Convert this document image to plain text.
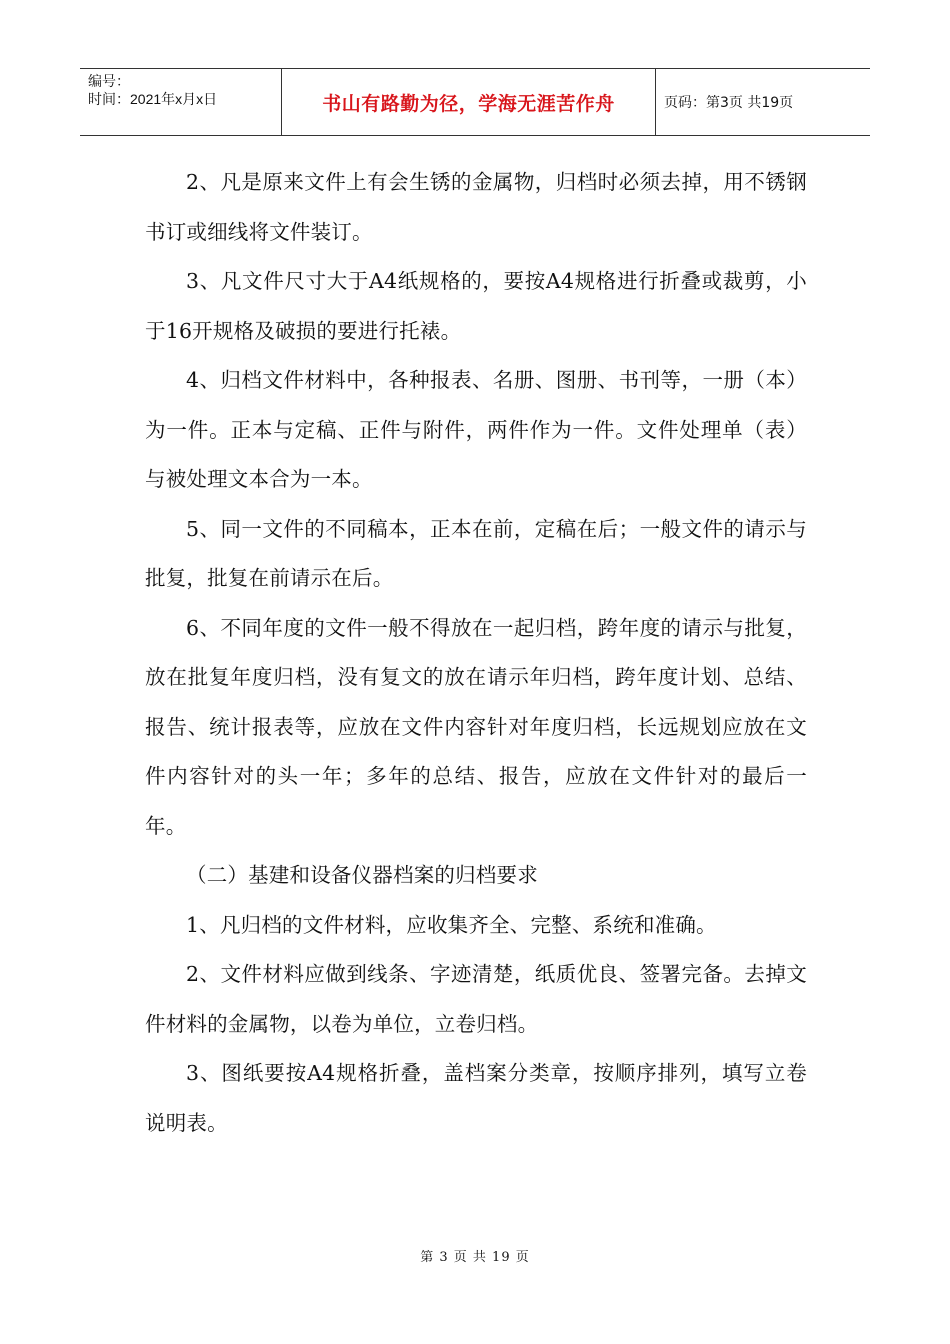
编号：
时间：2021年x月x日	书山有路勤为径，学海无涯苦作舟	页码：第3页 共19页

2、凡是原来文件上有会生锈的金属物，归档时必须去掉，用不锈钢书订或细线将文件装订。

3、凡文件尺寸大于A4纸规格的，要按A4规格进行折叠或裁剪，小于16开规格及破损的要进行托裱。

4、归档文件材料中，各种报表、名册、图册、书刊等，一册（本）为一件。正本与定稿、正件与附件，两件作为一件。文件处理单（表）与被处理文本合为一本。

5、同一文件的不同稿本，正本在前，定稿在后；一般文件的请示与批复，批复在前请示在后。

6、不同年度的文件一般不得放在一起归档，跨年度的请示与批复，放在批复年度归档，没有复文的放在请示年归档，跨年度计划、总结、报告、统计报表等，应放在文件内容针对年度归档，长远规划应放在文件内容针对的头一年；多年的总结、报告，应放在文件针对的最后一年。

（二）基建和设备仪器档案的归档要求

1、凡归档的文件材料，应收集齐全、完整、系统和准确。

2、文件材料应做到线条、字迹清楚，纸质优良、签署完备。去掉文件材料的金属物，以卷为单位，立卷归档。

3、图纸要按A4规格折叠，盖档案分类章，按顺序排列，填写立卷说明表。

第 3 页 共 19 页
